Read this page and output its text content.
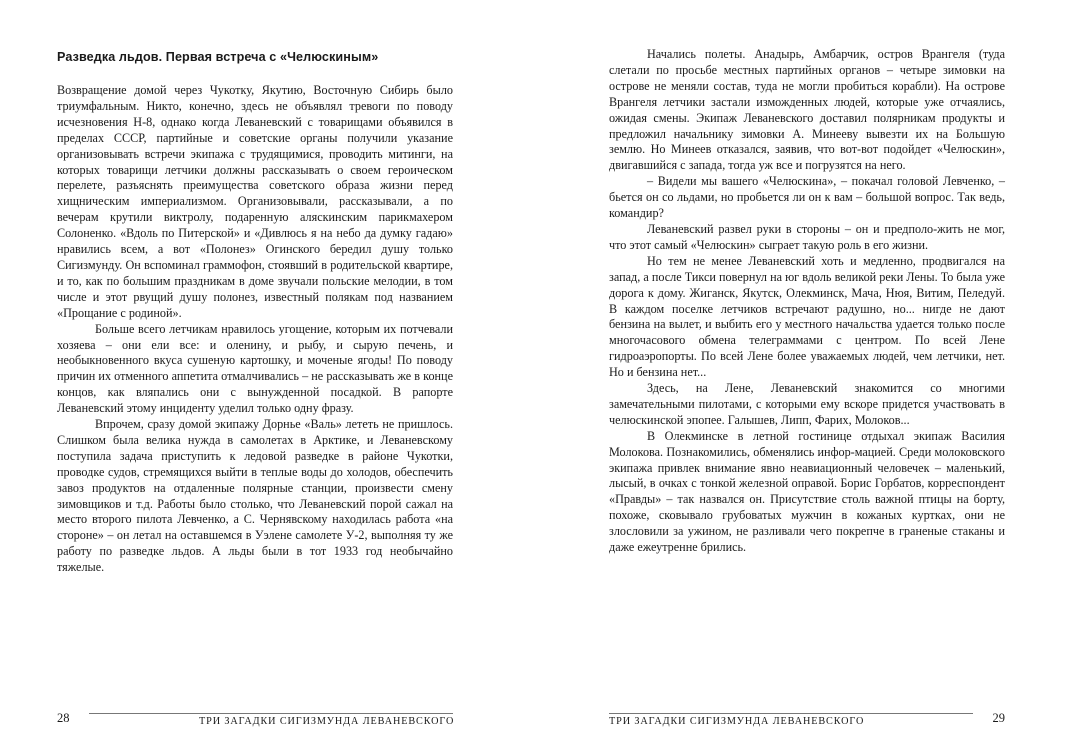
Разведка льдов. Первая встреча с «Челюскиным»

Возвращение домой через Чукотку, Якутию, Восточную Сибирь было триумфальным. Никто, конечно, здесь не объявлял тревоги по поводу исчезновения Н-8, однако когда Леваневский с товарищами объявился в пределах СССР, партийные и советские органы получили указание организовывать встречи экипажа с трудящимися, проводить митинги, на которых товарищи летчики должны рассказывать о своем героическом перелете, разъяснять преимущества советского образа жизни перед хищническим империализмом. Организовывали, рассказывали, а по вечерам крутили виктролу, подаренную аляскинским парикмахером Солоненко. «Вдоль по Питерской» и «Дивлюсь я на небо да думку гадаю» нравились всем, а вот «Полонез» Огинского бередил душу только Сигизмунду. Он вспоминал граммофон, стоявший в родительской квартире, и то, как по большим праздникам в доме звучали польские мелодии, в том числе и этот рвущий душу полонез, известный полякам под названием «Прощание с родиной».

Больше всего летчикам нравилось угощение, которым их потчевали хозяева – они ели все: и оленину, и рыбу, и сырую печень, и необыкновенного вкуса сушеную картошку, и моченые ягоды! По поводу причин их отменного аппетита отмалчивались – не рассказывать же в конце концов, как вляпались они с вынужденной посадкой. В рапорте Леваневский этому инциденту уделил только одну фразу.

Впрочем, сразу домой экипажу Дорнье «Валь» лететь не пришлось. Слишком была велика нужда в самолетах в Арктике, и Леваневскому поступила задача приступить к ледовой разведке в районе Чукотки, проводке судов, стремящихся выйти в теплые воды до холодов, обеспечить завоз продуктов на отдаленные полярные станции, произвести смену зимовщиков и т.д. Работы было столько, что Леваневский порой сажал на место второго пилота Левченко, а С. Чернявскому находилась работа «на стороне» – он летал на оставшемся в Уэлене самолете У-2, выполняя ту же работу по разведке льдов. А льды были в тот 1933 год необычайно тяжелые.

28	ТРИ ЗАГАДКИ СИГИЗМУНДА ЛЕВАНЕВСКОГО

Начались полеты. Анадырь, Амбарчик, остров Врангеля (туда слетали по просьбе местных партийных органов – четыре зимовки на острове не меняли состав, туда не могли пробиться корабли). На острове Врангеля летчики застали изможденных людей, которые уже отчаялись, ожидая смены. Экипаж Леваневского доставил полярникам продукты и предложил начальнику зимовки А. Минееву вывезти их на Большую землю. Но Минеев отказался, заявив, что вот-вот подойдет «Челюскин», двигавшийся с запада, тогда уж все и погрузятся на него.

– Видели мы вашего «Челюскина», – покачал головой Левченко, – бьется он со льдами, но пробьется ли он к вам – большой вопрос. Так ведь, командир?

Леваневский развел руки в стороны – он и предполо-жить не мог, что этот самый «Челюскин» сыграет такую роль в его жизни.

Но тем не менее Леваневский хоть и медленно, продвигался на запад, а после Тикси повернул на юг вдоль великой реки Лены. То была уже дорога к дому. Жиганск, Якутск, Олекминск, Мача, Нюя, Витим, Пеледуй. В каждом поселке летчиков встречают радушно, но... нигде не дают бензина на вылет, и выбить его у местного начальства удается только после многочасового обмена телеграммами с центром. По всей Лене гидроаэропорты. По всей Лене более уважаемых людей, чем летчики, нет. Но и бензина нет...

Здесь, на Лене, Леваневский знакомится со многими замечательными пилотами, с которыми ему вскоре придется участвовать в челюскинской эпопее. Галышев, Липп, Фарих, Молоков...

В Олекминске в летной гостинице отдыхал экипаж Василия Молокова. Познакомились, обменялись инфор-мацией. Среди молоковского экипажа привлек внимание явно неавиационный человечек – маленький, лысый, в очках с тонкой железной оправой. Борис Горбатов, корреспондент «Правды» – так назвался он. Присутствие столь важной птицы на борту, похоже, сковывало грубоватых мужчин в кожаных куртках, они не злословили за ужином, не разливали чего покрепче в граненые стаканы и даже ежеутренне брились.

ТРИ ЗАГАДКИ СИГИЗМУНДА ЛЕВАНЕВСКОГО	29
